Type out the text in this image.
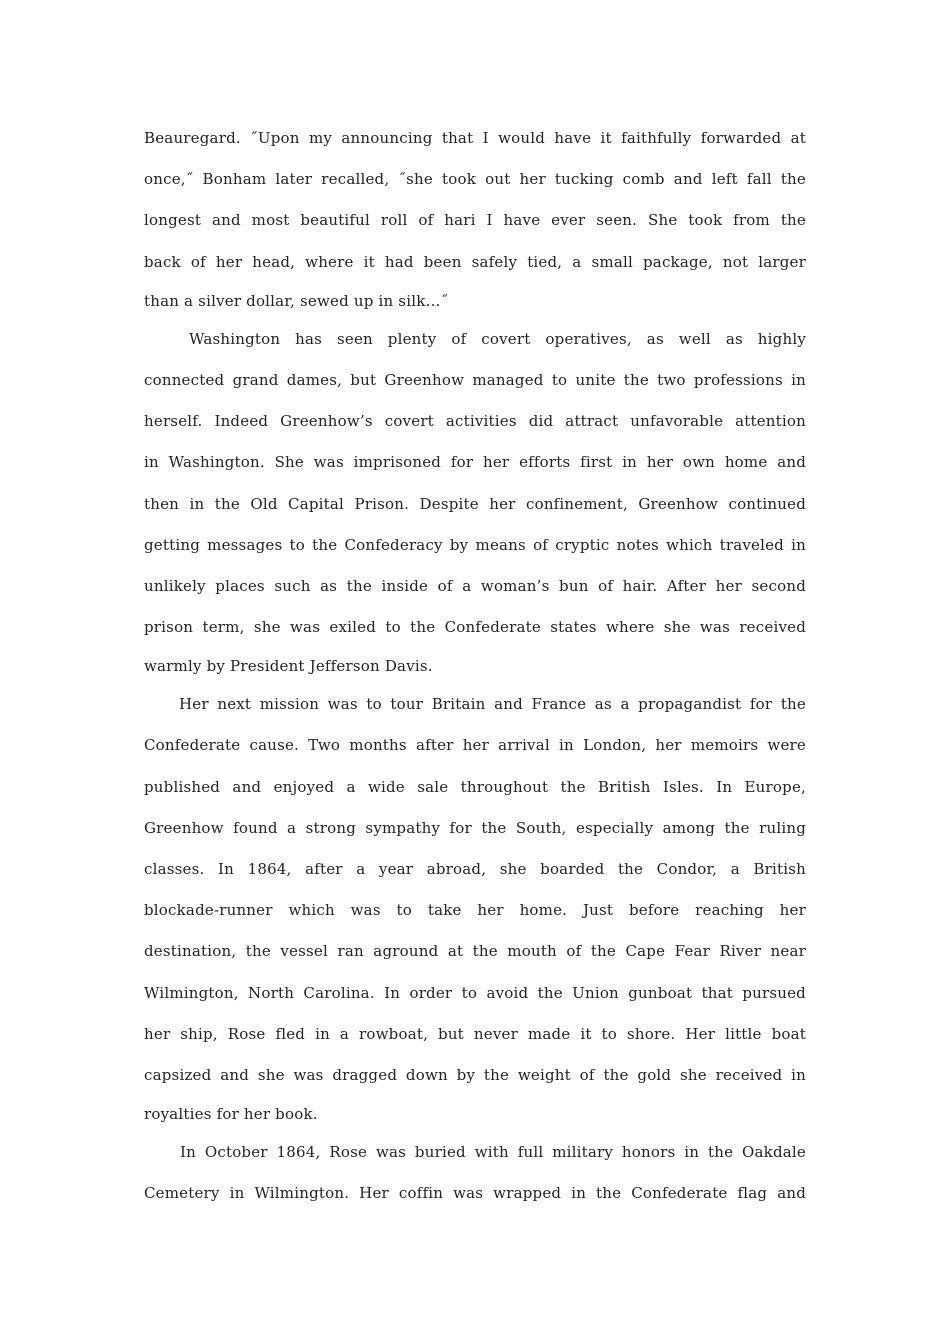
Beauregard. ˝Upon my announcing that I would have it faithfully forwarded at
once,˝ Bonham later recalled, ˝she took out her tucking comb and left fall the
longest and most beautiful roll of hari I have ever seen. She took from the
back of her head, where it had been safely tied, a small package, not larger
than a silver dollar, sewed up in silk…˝
Washington has seen plenty of covert operatives, as well as highly
connected grand dames, but Greenhow managed to unite the two professions in
herself. Indeed Greenhow’s covert activities did attract unfavorable attention
in Washington. She was imprisoned for her efforts first in her own home and
then in the Old Capital Prison. Despite her confinement, Greenhow continued
getting messages to the Confederacy by means of cryptic notes which traveled in
unlikely places such as the inside of a woman’s bun of hair. After her second
prison term, she was exiled to the Confederate states where she was received
warmly by President Jefferson Davis.
Her next mission was to tour Britain and France as a propagandist for the
Confederate cause. Two months after her arrival in London, her memoirs were
published and enjoyed a wide sale throughout the British Isles. In Europe,
Greenhow found a strong sympathy for the South, especially among the ruling
classes. In 1864, after a year abroad, she boarded the Condor, a British
blockade-runner which was to take her home. Just before reaching her
destination, the vessel ran aground at the mouth of the Cape Fear River near
Wilmington, North Carolina. In order to avoid the Union gunboat that pursued
her ship, Rose fled in a rowboat, but never made it to shore. Her little boat
capsized and she was dragged down by the weight of the gold she received in
royalties for her book.
In October 1864, Rose was buried with full military honors in the Oakdale
Cemetery in Wilmington. Her coffin was wrapped in the Confederate flag and
